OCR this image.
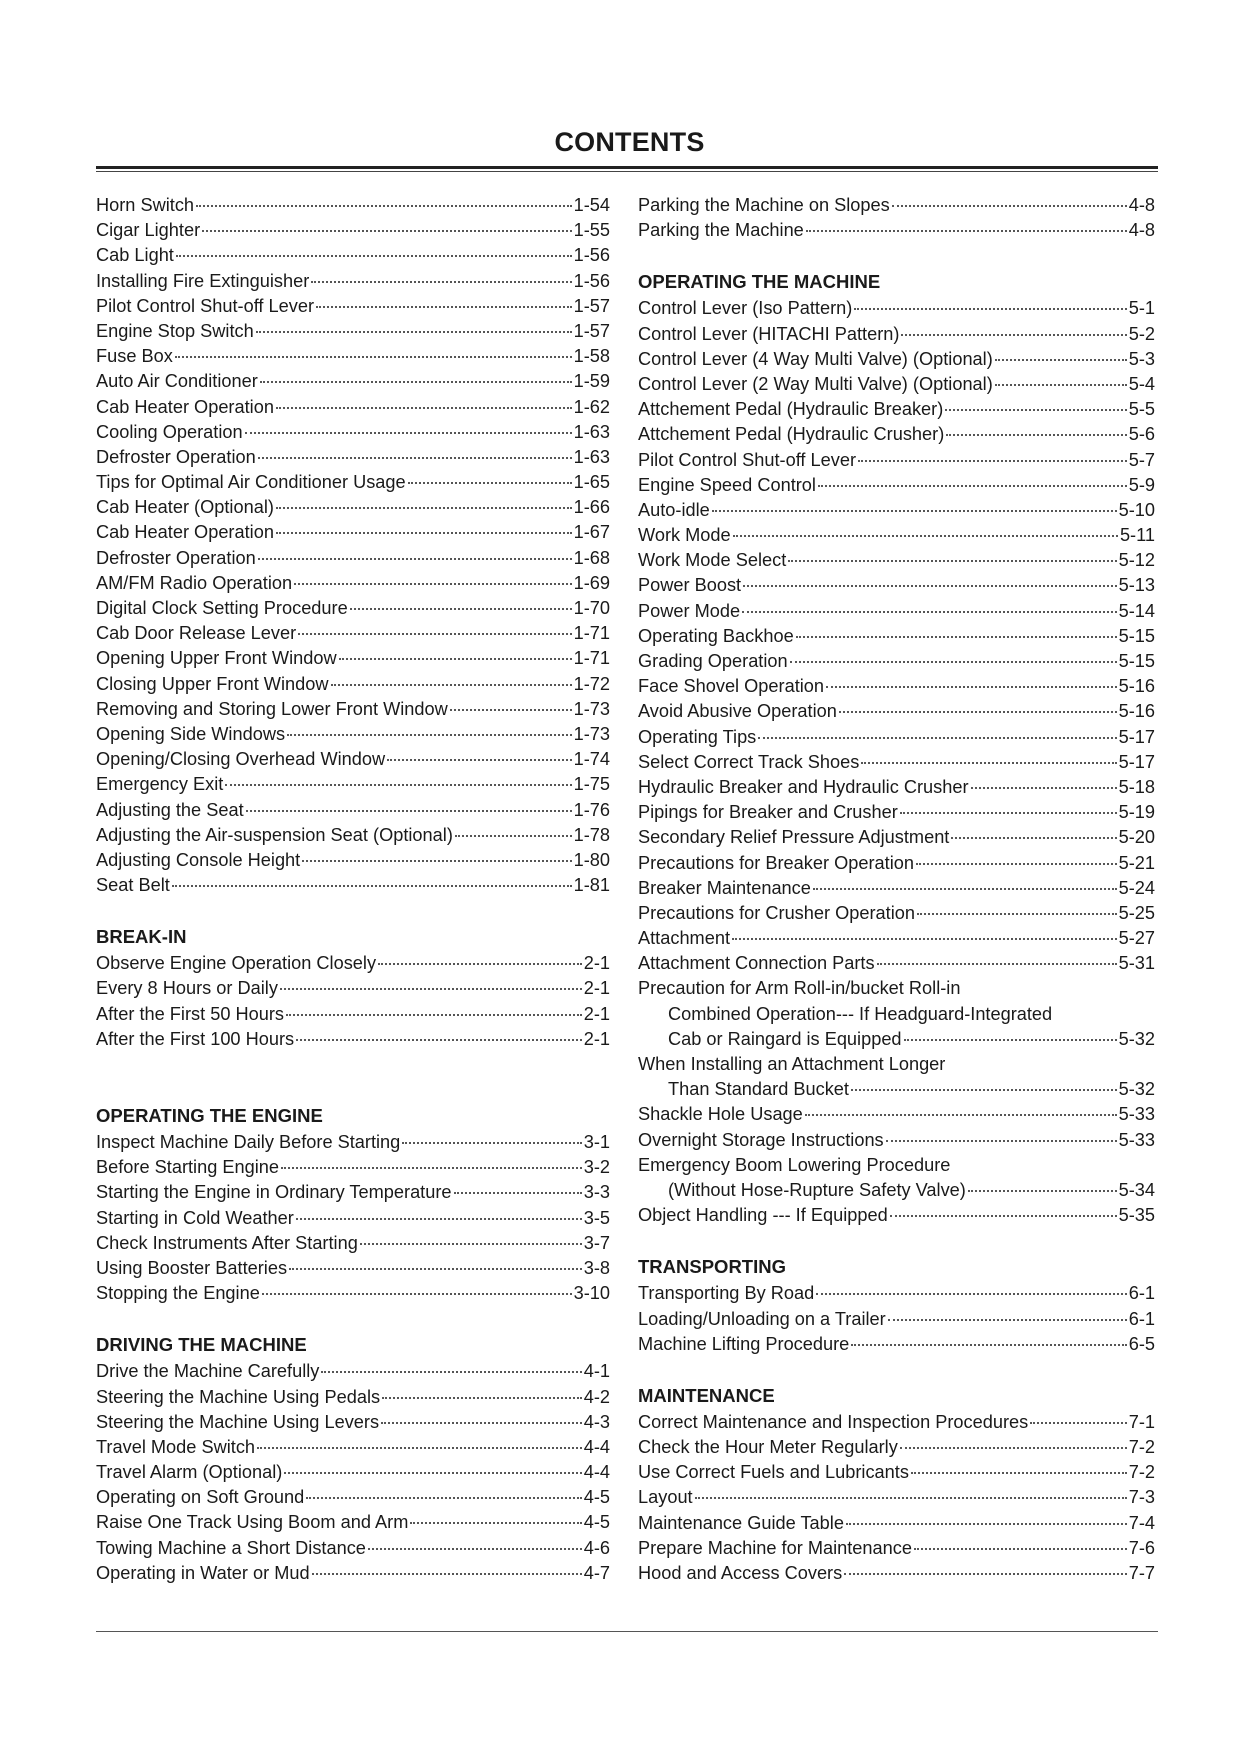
CONTENTS
Horn Switch	1-54
Cigar Lighter	1-55
Cab Light	1-56
Installing Fire Extinguisher	1-56
Pilot Control Shut-off Lever	1-57
Engine Stop Switch	1-57
Fuse Box	1-58
Auto Air Conditioner	1-59
Cab Heater Operation	1-62
Cooling Operation	1-63
Defroster Operation	1-63
Tips for Optimal Air Conditioner Usage	1-65
Cab Heater (Optional)	1-66
Cab Heater Operation	1-67
Defroster Operation	1-68
AM/FM Radio Operation	1-69
Digital Clock Setting Procedure	1-70
Cab Door Release Lever	1-71
Opening Upper Front Window	1-71
Closing Upper Front Window	1-72
Removing and Storing Lower Front Window	1-73
Opening Side Windows	1-73
Opening/Closing Overhead Window	1-74
Emergency Exit	1-75
Adjusting the Seat	1-76
Adjusting the Air-suspension Seat (Optional)	1-78
Adjusting Console Height	1-80
Seat Belt	1-81
BREAK-IN
Observe Engine Operation Closely	2-1
Every 8 Hours or Daily	2-1
After the First 50 Hours	2-1
After the First 100 Hours	2-1
OPERATING THE ENGINE
Inspect Machine Daily Before Starting	3-1
Before Starting Engine	3-2
Starting the Engine in Ordinary Temperature	3-3
Starting in Cold Weather	3-5
Check Instruments After Starting	3-7
Using Booster Batteries	3-8
Stopping the Engine	3-10
DRIVING THE MACHINE
Drive the Machine Carefully	4-1
Steering the Machine Using Pedals	4-2
Steering the Machine Using Levers	4-3
Travel Mode Switch	4-4
Travel Alarm (Optional)	4-4
Operating on Soft Ground	4-5
Raise One Track Using Boom and Arm	4-5
Towing Machine a Short Distance	4-6
Operating in Water or Mud	4-7
Parking the Machine on Slopes	4-8
Parking the Machine	4-8
OPERATING THE MACHINE
Control Lever (Iso Pattern)	5-1
Control Lever (HITACHI Pattern)	5-2
Control Lever (4 Way Multi Valve) (Optional)	5-3
Control Lever (2 Way Multi Valve) (Optional)	5-4
Attchement Pedal (Hydraulic Breaker)	5-5
Attchement Pedal (Hydraulic Crusher)	5-6
Pilot Control Shut-off Lever	5-7
Engine Speed Control	5-9
Auto-idle	5-10
Work Mode	5-11
Work Mode Select	5-12
Power Boost	5-13
Power Mode	5-14
Operating Backhoe	5-15
Grading Operation	5-15
Face Shovel Operation	5-16
Avoid Abusive Operation	5-16
Operating Tips	5-17
Select Correct Track Shoes	5-17
Hydraulic Breaker and Hydraulic Crusher	5-18
Pipings for Breaker and Crusher	5-19
Secondary Relief Pressure Adjustment	5-20
Precautions for Breaker Operation	5-21
Breaker Maintenance	5-24
Precautions for Crusher Operation	5-25
Attachment	5-27
Attachment Connection Parts	5-31
Precaution for Arm Roll-in/bucket Roll-in
Combined Operation--- If Headguard-Integrated
Cab or Raingard is Equipped	5-32
When Installing an Attachment Longer
Than Standard Bucket	5-32
Shackle Hole Usage	5-33
Overnight Storage Instructions	5-33
Emergency Boom Lowering Procedure
(Without Hose-Rupture Safety Valve)	5-34
Object Handling --- If Equipped	5-35
TRANSPORTING
Transporting By Road	6-1
Loading/Unloading on a Trailer	6-1
Machine Lifting Procedure	6-5
MAINTENANCE
Correct Maintenance and Inspection Procedures	7-1
Check the Hour Meter Regularly	7-2
Use Correct Fuels and Lubricants	7-2
Layout	7-3
Maintenance Guide Table	7-4
Prepare Machine for Maintenance	7-6
Hood and Access Covers	7-7
